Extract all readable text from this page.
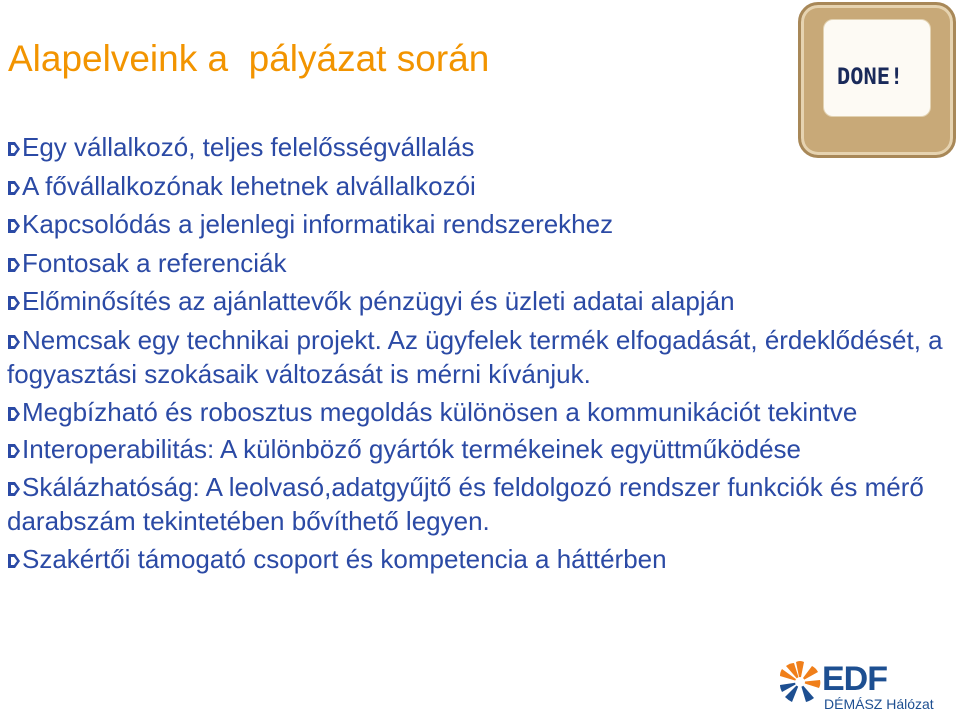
Alapelveink a  pályázat során	DONE!
Egy vállalkozó, teljes felelősségvállalás
A fővállalkozónak lehetnek alvállalkozói
Kapcsolódás a jelenlegi informatikai rendszerekhez
Fontosak a referenciák
Előminősítés az ajánlattevők pénzügyi és üzleti adatai alapján
Nemcsak egy technikai projekt. Az ügyfelek termék elfogadását, érdeklődését, a fogyasztási szokásaik változását is mérni kívánjuk.
Megbízható és robosztus megoldás különösen a kommunikációt tekintve
Interoperabilitás: A különböző gyártók termékeinek együttműködése
Skálázhatóság: A leolvasó,adatgyűjtő és feldolgozó rendszer funkciók és mérő darabszám tekintetében bővíthető legyen.
Szakértői támogató csoport és kompetencia a háttérben
EDF
DÉMÁSZ Hálózat
